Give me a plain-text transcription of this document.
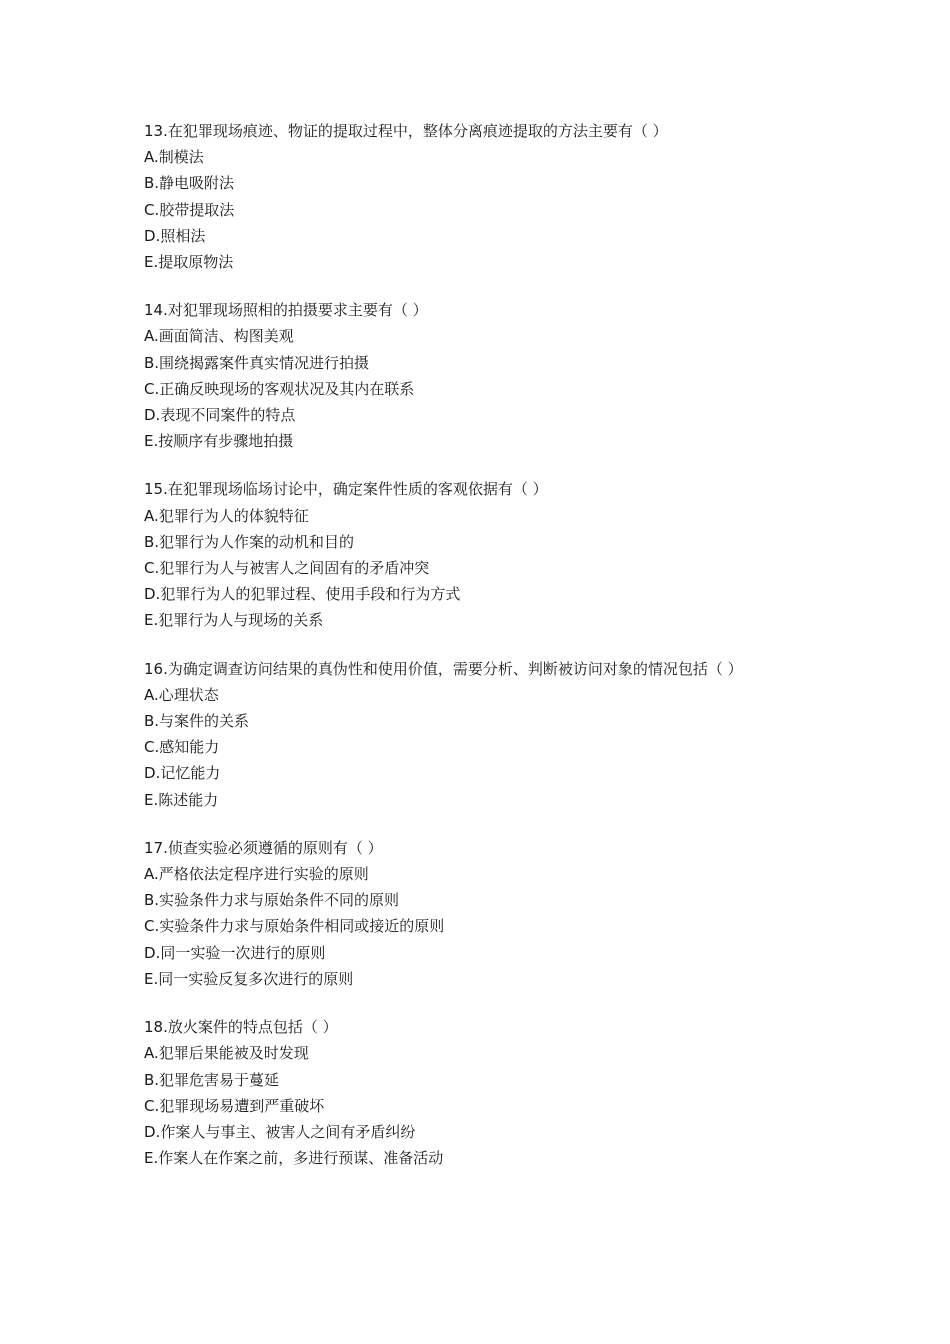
13.在犯罪现场痕迹、物证的提取过程中，整体分离痕迹提取的方法主要有（ ）
A.制模法
B.静电吸附法
C.胶带提取法
D.照相法
E.提取原物法
14.对犯罪现场照相的拍摄要求主要有（ ）
A.画面简洁、构图美观
B.围绕揭露案件真实情况进行拍摄
C.正确反映现场的客观状况及其内在联系
D.表现不同案件的特点
E.按顺序有步骤地拍摄
15.在犯罪现场临场讨论中，确定案件性质的客观依据有（ ）
A.犯罪行为人的体貌特征
B.犯罪行为人作案的动机和目的
C.犯罪行为人与被害人之间固有的矛盾冲突
D.犯罪行为人的犯罪过程、使用手段和行为方式
E.犯罪行为人与现场的关系
16.为确定调查访问结果的真伪性和使用价值，需要分析、判断被访问对象的情况包括（ ）
A.心理状态
B.与案件的关系
C.感知能力
D.记忆能力
E.陈述能力
17.侦查实验必须遵循的原则有（ ）
A.严格依法定程序进行实验的原则
B.实验条件力求与原始条件不同的原则
C.实验条件力求与原始条件相同或接近的原则
D.同一实验一次进行的原则
E.同一实验反复多次进行的原则
18.放火案件的特点包括（ ）
A.犯罪后果能被及时发现
B.犯罪危害易于蔓延
C.犯罪现场易遭到严重破坏
D.作案人与事主、被害人之间有矛盾纠纷
E.作案人在作案之前，多进行预谋、准备活动
